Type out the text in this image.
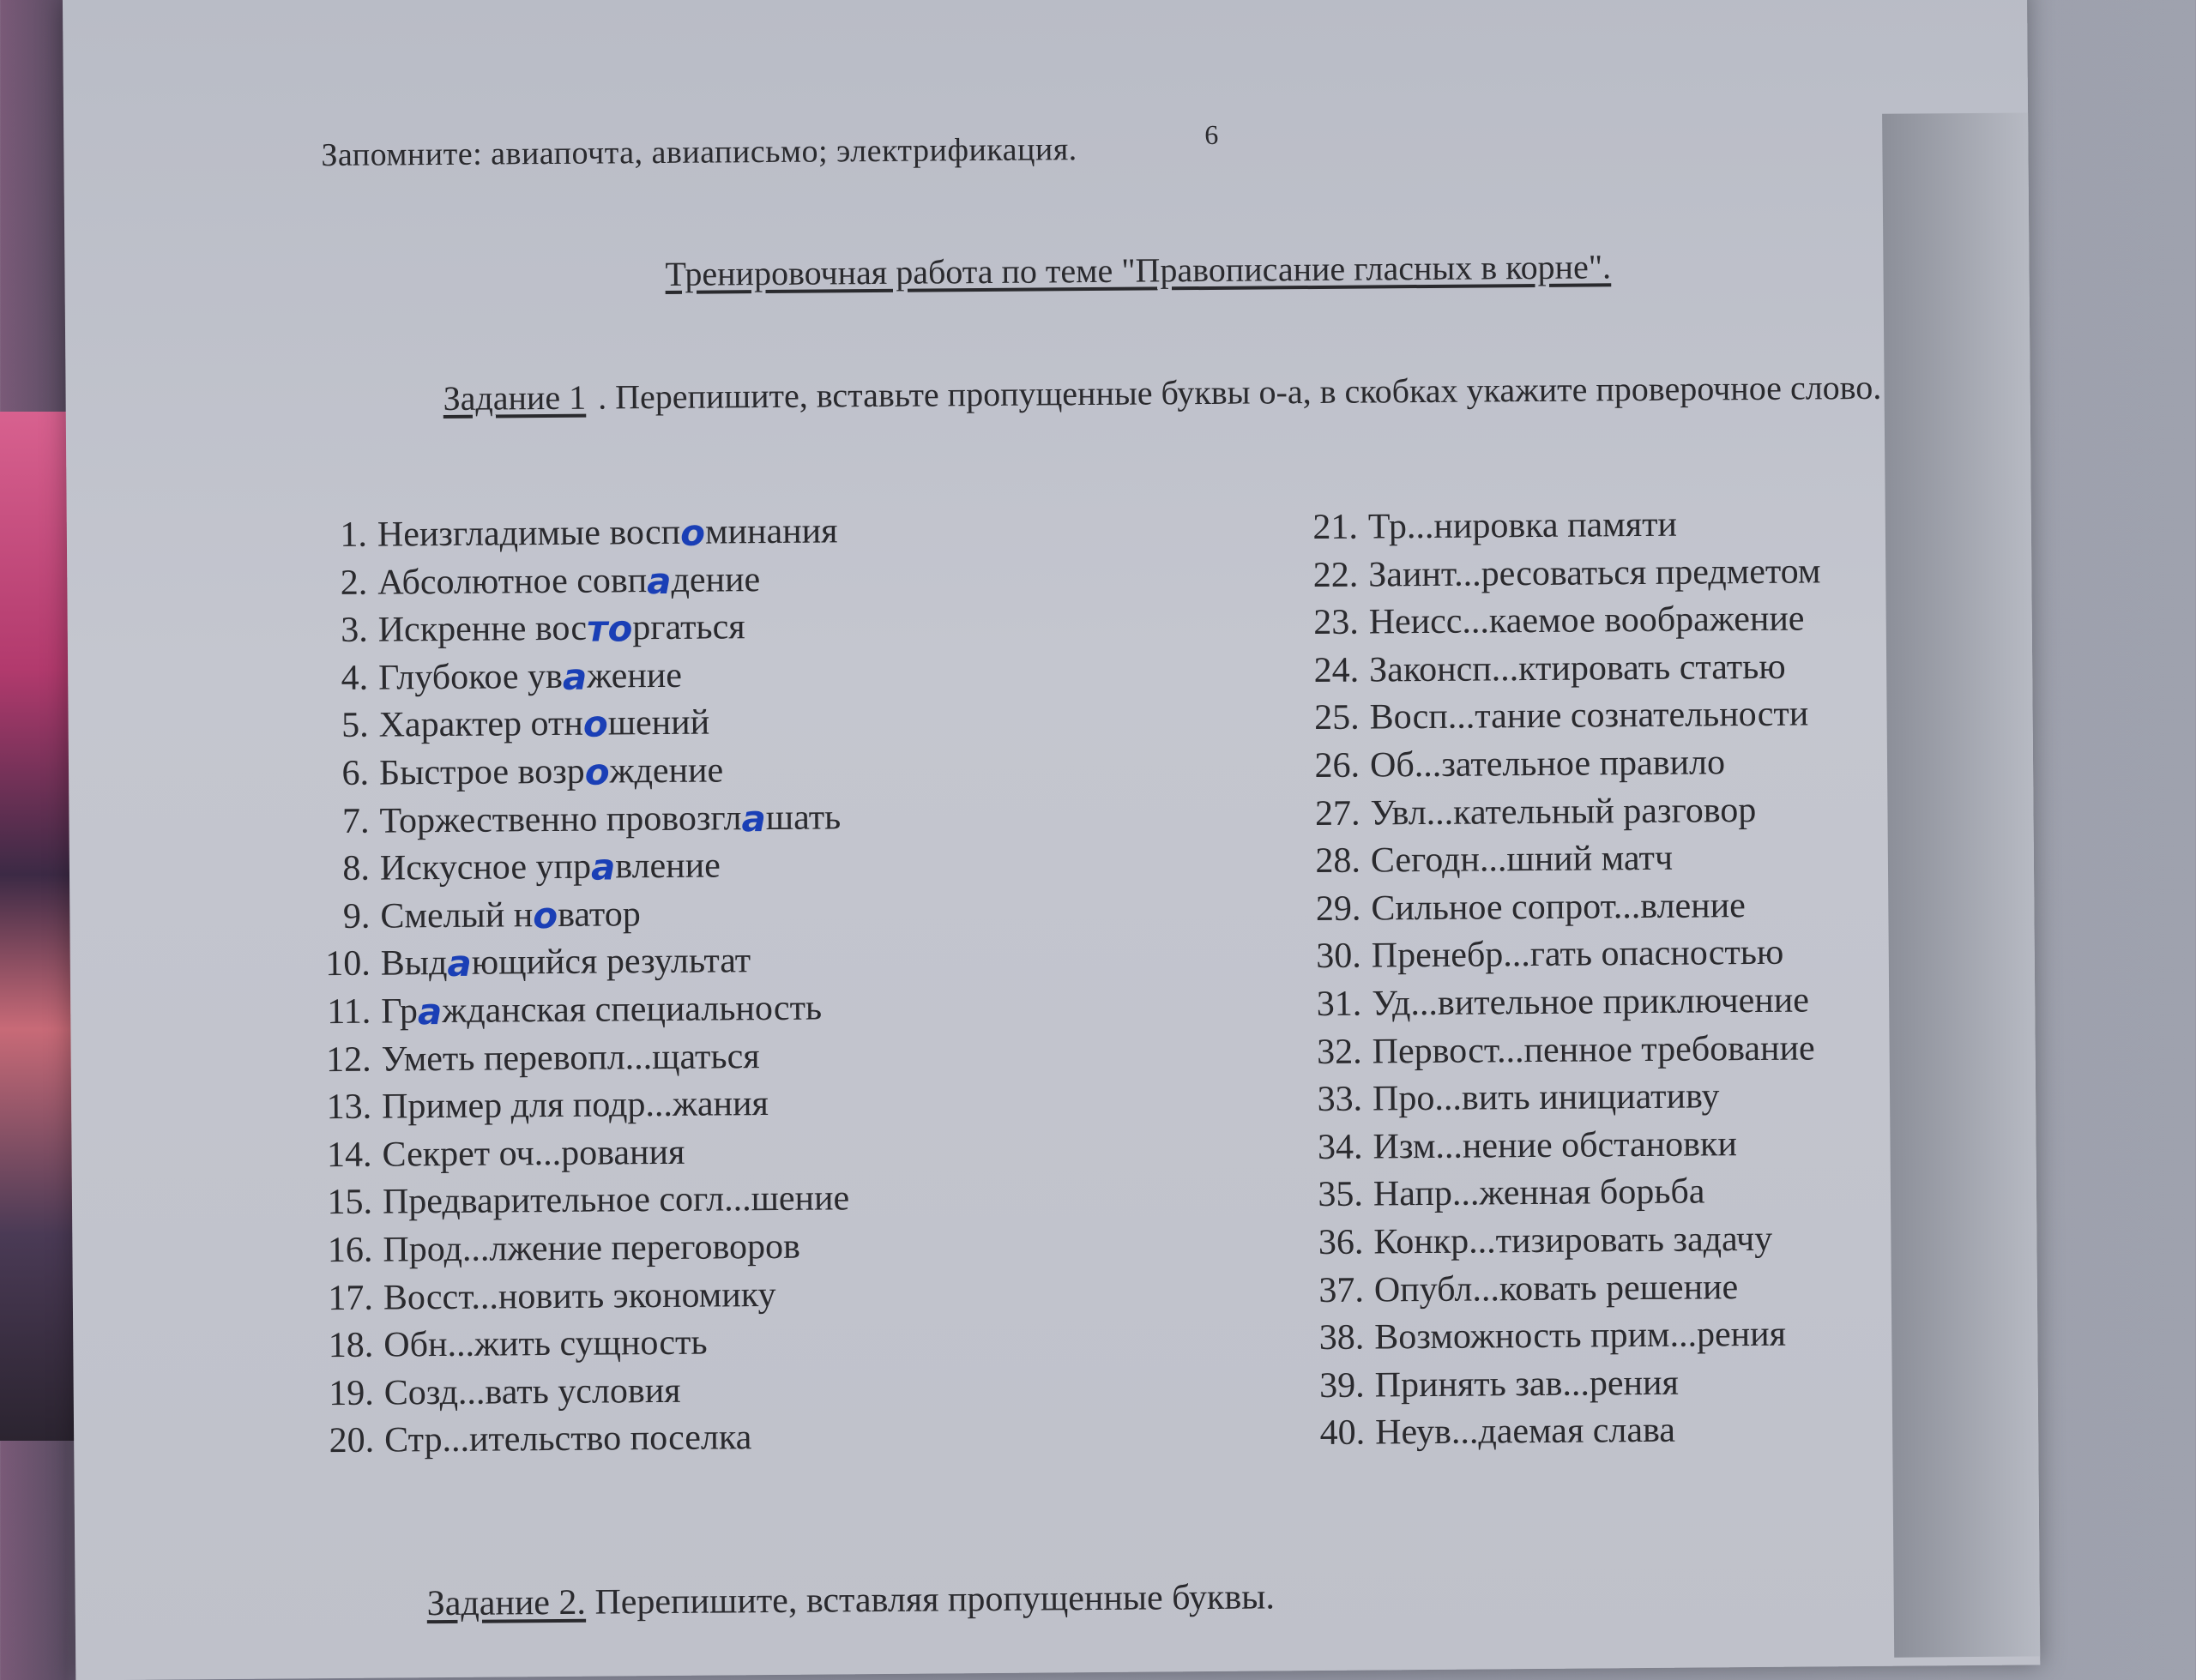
6
Запомните: авиапочта, авиаписьмо; электрификация.
Тренировочная работа по теме "Правописание гласных в корне".
Задание 1 . Перепишите, вставьте пропущенные буквы о-а, в скобках укажите проверочное слово.
1. Неизгладимые восп о минания
2. Абсолютное совп а дение
3. Искренне вос то ргаться
4. Глубокое ув а жение
5. Характер отн о шений
6. Быстрое возр о ждение
7. Торжественно провозгл а шать
8. Искусное упр а вление
9. Смелый н о ватор
10. Выд а ющийся результат
11. Гр а жданская специальность
12. Уметь перевопл...щаться
13. Пример для подр...жания
14. Секрет оч...рования
15. Предварительное согл...шение
16. Прод...лжение переговоров
17. Восст...новить экономику
18. Обн...жить сущность
19. Созд...вать условия
20. Стр...ительство поселка
21. Тр...нировка памяти
22. Заинт...ресоваться предметом
23. Неисс...каемое воображение
24. Законсп...ктировать статью
25. Восп...тание сознательности
26. Об...зательное правило
27. Увл...кательный разговор
28. Сегодн...шний матч
29. Сильное сопрот...вление
30. Пренебр...гать опасностью
31. Уд...вительное приключение
32. Первост...пенное требование
33. Про...вить инициативу
34. Изм...нение обстановки
35. Напр...женная борьба
36. Конкр...тизировать задачу
37. Опубл...ковать решение
38. Возможность прим...рения
39. Принять зав...рения
40. Неув...даемая слава
Задание 2. Перепишите, вставляя пропущенные буквы.
